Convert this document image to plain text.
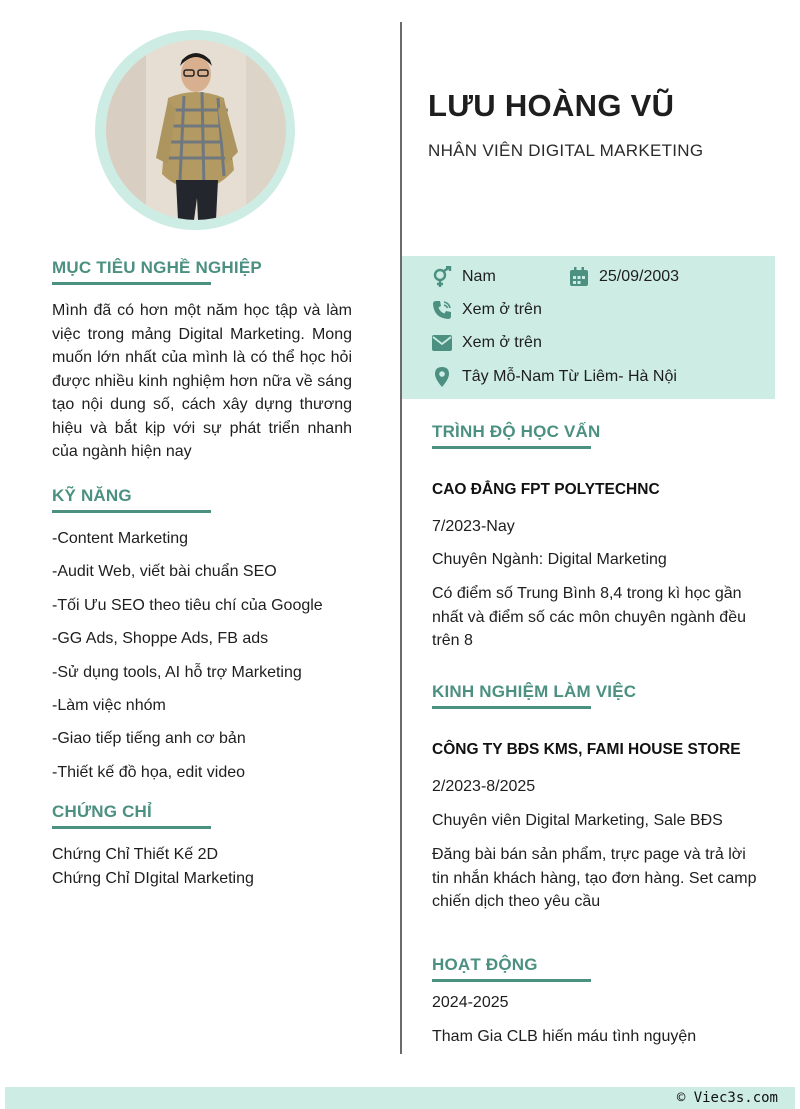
MỤC TIÊU NGHỀ NGHIỆP
Mình đã có hơn một năm học tập và làm việc trong mảng Digital Marketing. Mong muốn lớn nhất của mình là có thể học hỏi được nhiều kinh nghiệm hơn nữa về sáng tạo nội dung số, cách xây dựng thương hiệu và bắt kịp với sự phát triển nhanh của ngành hiện nay
KỸ NĂNG
-Content Marketing
-Audit Web, viết bài chuẩn SEO
-Tối Ưu SEO theo tiêu chí của Google
-GG Ads, Shoppe Ads, FB ads
-Sử dụng tools, AI hỗ trợ Marketing
-Làm việc nhóm
-Giao tiếp tiếng anh cơ bản
-Thiết kế đồ họa, edit video
CHỨNG CHỈ
Chứng Chỉ Thiết Kế 2D
Chứng Chỉ DIgital Marketing
LƯU HOÀNG VŨ
NHÂN VIÊN DIGITAL MARKETING
Nam	25/09/2003
Xem ở trên
Xem ở trên
Tây Mỗ-Nam Từ Liêm- Hà Nội
TRÌNH ĐỘ HỌC VẤN
CAO ĐẲNG FPT POLYTECHNC
7/2023-Nay
Chuyên Ngành: Digital Marketing
Có điểm số Trung Bình 8,4 trong kì học gần nhất và điểm số các môn chuyên ngành đều trên 8
KINH NGHIỆM LÀM VIỆC
CÔNG TY BĐS KMS, FAMI HOUSE STORE
2/2023-8/2025
Chuyên viên Digital Marketing, Sale BĐS
Đăng bài bán sản phẩm, trực page và trả lời tin nhắn khách hàng, tạo đơn hàng. Set camp chiến dịch theo yêu cầu
HOẠT ĐỘNG
2024-2025
Tham Gia CLB hiến máu tình nguyện
© Viec3s.com
